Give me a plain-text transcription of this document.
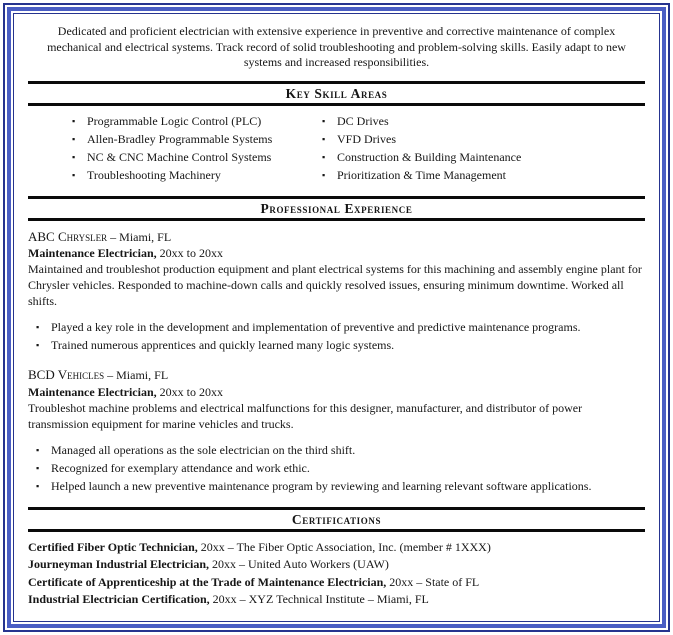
Dedicated and proficient electrician with extensive experience in preventive and corrective maintenance of complex mechanical and electrical systems. Track record of solid troubleshooting and problem-solving skills. Easily adapt to new systems and increased responsibilities.

Key Skill Areas
▪ Programmable Logic Control (PLC)
▪ Allen-Bradley Programmable Systems
▪ NC & CNC Machine Control Systems
▪ Troubleshooting Machinery
▪ DC Drives
▪ VFD Drives
▪ Construction & Building Maintenance
▪ Prioritization & Time Management
Professional Experience
ABC Chrysler – Miami, FL
Maintenance Electrician, 20xx to 20xx

Maintained and troubleshot production equipment and plant electrical systems for this machining and assembly engine plant for Chrysler vehicles. Responded to machine-down calls and quickly resolved issues, ensuring minimum downtime. Worked all shifts.

▪ Played a key role in the development and implementation of preventive and predictive maintenance programs.
▪ Trained numerous apprentices and quickly learned many logic systems.
BCD Vehicles – Miami, FL
Maintenance Electrician, 20xx to 20xx

Troubleshot machine problems and electrical malfunctions for this designer, manufacturer, and distributor of power transmission equipment for marine vehicles and trucks.

▪ Managed all operations as the sole electrician on the third shift.
▪ Recognized for exemplary attendance and work ethic.
▪ Helped launch a new preventive maintenance program by reviewing and learning relevant software applications.
Certifications
Certified Fiber Optic Technician, 20xx – The Fiber Optic Association, Inc. (member # 1XXX)
Journeyman Industrial Electrician, 20xx – United Auto Workers (UAW)
Certificate of Apprenticeship at the Trade of Maintenance Electrician, 20xx – State of FL
Industrial Electrician Certification, 20xx – XYZ Technical Institute – Miami, FL
